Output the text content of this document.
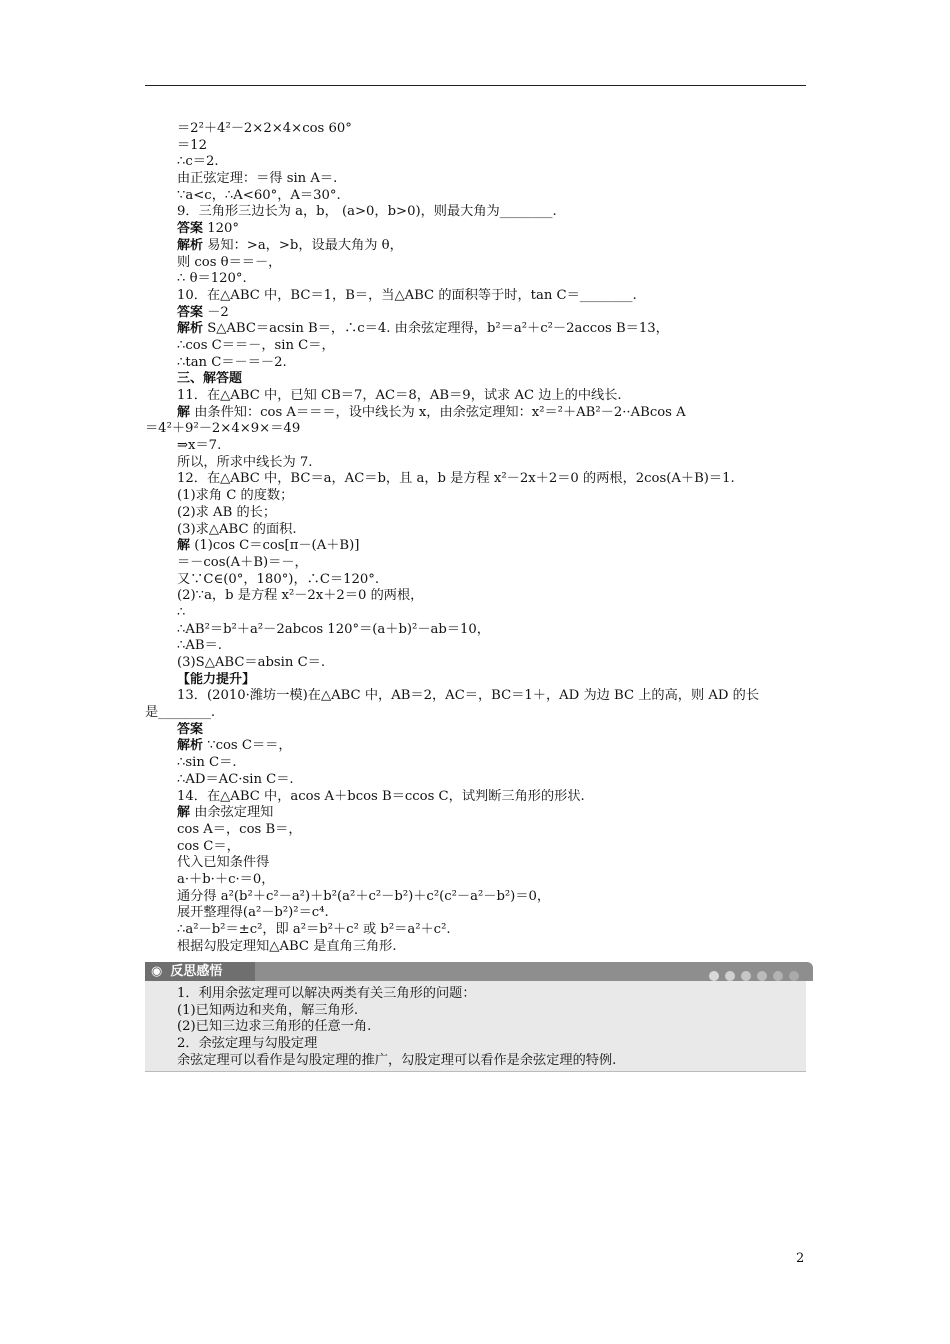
＝2²＋4²－2×2×4×cos 60°
＝12
∴c＝2.
由正弦定理：＝得 sin A＝.
∵a<c，∴A<60°，A＝30°.
9．三角形三边长为 a，b， (a>0，b>0)，则最大角为________.
答案 120°
解析 易知：>a，>b，设最大角为 θ，
则 cos θ＝＝－，
∴ θ＝120°.
10．在△ABC 中，BC＝1，B＝，当△ABC 的面积等于时，tan C＝________.
答案 －2
解析 S△ABC＝acsin B＝，∴c＝4. 由余弦定理得，b²＝a²＋c²－2accos B＝13，
∴cos C＝＝－，sin C＝，
∴tan C＝－＝－2.
三、解答题
11．在△ABC 中，已知 CB＝7，AC＝8，AB＝9，试求 AC 边上的中线长.
解 由条件知：cos A＝＝＝，设中线长为 x，由余弦定理知：x²＝²＋AB²－2··ABcos A
＝4²＋9²－2×4×9×＝49
⇒x＝7.
所以，所求中线长为 7.
12．在△ABC 中，BC＝a，AC＝b，且 a，b 是方程 x²－2x＋2＝0 的两根，2cos(A＋B)＝1.
(1)求角 C 的度数；
(2)求 AB 的长；
(3)求△ABC 的面积.
解 (1)cos C＝cos[π－(A＋B)]
＝－cos(A＋B)＝－，
又∵C∈(0°，180°)，∴C＝120°.
(2)∵a，b 是方程 x²－2x＋2＝0 的两根，
∴
∴AB²＝b²＋a²－2abcos 120°＝(a＋b)²－ab＝10，
∴AB＝.
(3)S△ABC＝absin C＝.
【能力提升】
13．(2010·潍坊一模)在△ABC 中，AB＝2，AC＝，BC＝1＋，AD 为边 BC 上的高，则 AD 的长
是________.
答案
解析 ∵cos C＝＝，
∴sin C＝.
∴AD＝AC·sin C＝.
14．在△ABC 中，acos A＋bcos B＝ccos C，试判断三角形的形状.
解 由余弦定理知
cos A＝，cos B＝，
cos C＝，
代入已知条件得
a·＋b·＋c·＝0，
通分得 a²(b²＋c²－a²)＋b²(a²＋c²－b²)＋c²(c²－a²－b²)＝0，
展开整理得(a²－b²)²＝c⁴.
∴a²－b²＝±c²，即 a²＝b²＋c² 或 b²＝a²＋c².
根据勾股定理知△ABC 是直角三角形.
◉ 反思感悟
1．利用余弦定理可以解决两类有关三角形的问题：
(1)已知两边和夹角，解三角形.
(2)已知三边求三角形的任意一角.
2．余弦定理与勾股定理
余弦定理可以看作是勾股定理的推广，勾股定理可以看作是余弦定理的特例.
2
